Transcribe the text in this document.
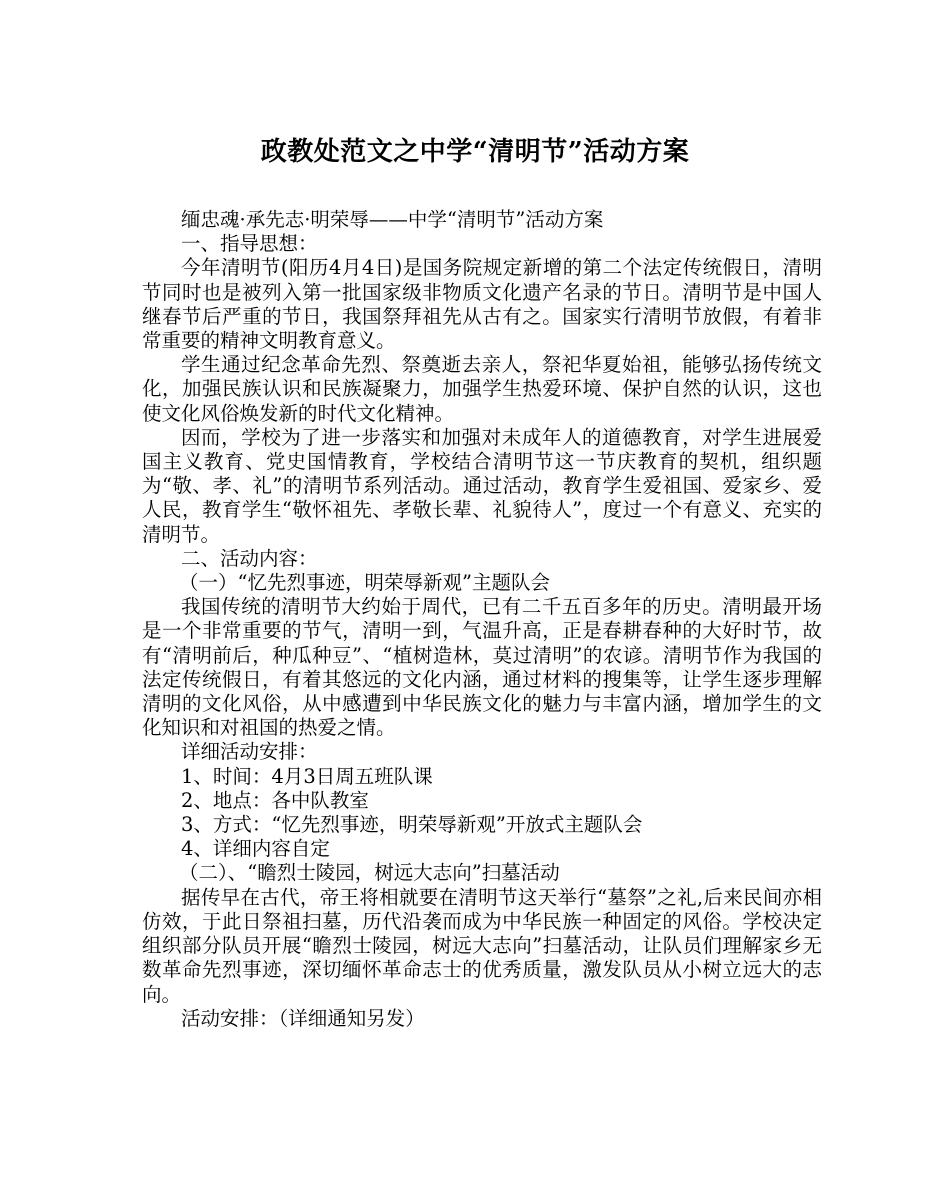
政教处范文之中学“清明节”活动方案

缅忠魂·承先志·明荣辱——中学“清明节”活动方案

一、指导思想：

今年清明节(阳历4月4日)是国务院规定新增的第二个法定传统假日，清明节同时也是被列入第一批国家级非物质文化遗产名录的节日。清明节是中国人继春节后严重的节日，我国祭拜祖先从古有之。国家实行清明节放假，有着非常重要的精神文明教育意义。

学生通过纪念革命先烈、祭奠逝去亲人，祭祀华夏始祖，能够弘扬传统文化，加强民族认识和民族凝聚力，加强学生热爱环境、保护自然的认识，这也使文化风俗焕发新的时代文化精神。

因而，学校为了进一步落实和加强对未成年人的道德教育，对学生进展爱国主义教育、党史国情教育，学校结合清明节这一节庆教育的契机，组织题为“敬、孝、礼”的清明节系列活动。通过活动，教育学生爱祖国、爱家乡、爱人民，教育学生“敬怀祖先、孝敬长辈、礼貌待人”，度过一个有意义、充实的清明节。

二、活动内容：

（一）“忆先烈事迹，明荣辱新观”主题队会

我国传统的清明节大约始于周代，已有二千五百多年的历史。清明最开场是一个非常重要的节气，清明一到，气温升高，正是春耕春种的大好时节，故有“清明前后，种瓜种豆”、“植树造林，莫过清明”的农谚。清明节作为我国的法定传统假日，有着其悠远的文化内涵，通过材料的搜集等，让学生逐步理解清明的文化风俗，从中感遭到中华民族文化的魅力与丰富内涵，增加学生的文化知识和对祖国的热爱之情。

详细活动安排：

1、时间：4月3日周五班队课

2、地点：各中队教室

3、方式：“忆先烈事迹，明荣辱新观”开放式主题队会

4、详细内容自定

（二）、“瞻烈士陵园，树远大志向”扫墓活动

据传早在古代，帝王将相就要在清明节这天举行“墓祭”之礼,后来民间亦相仿效，于此日祭祖扫墓，历代沿袭而成为中华民族一种固定的风俗。学校决定组织部分队员开展“瞻烈士陵园，树远大志向”扫墓活动，让队员们理解家乡无数革命先烈事迹，深切缅怀革命志士的优秀质量，激发队员从小树立远大的志向。

活动安排：（详细通知另发）
